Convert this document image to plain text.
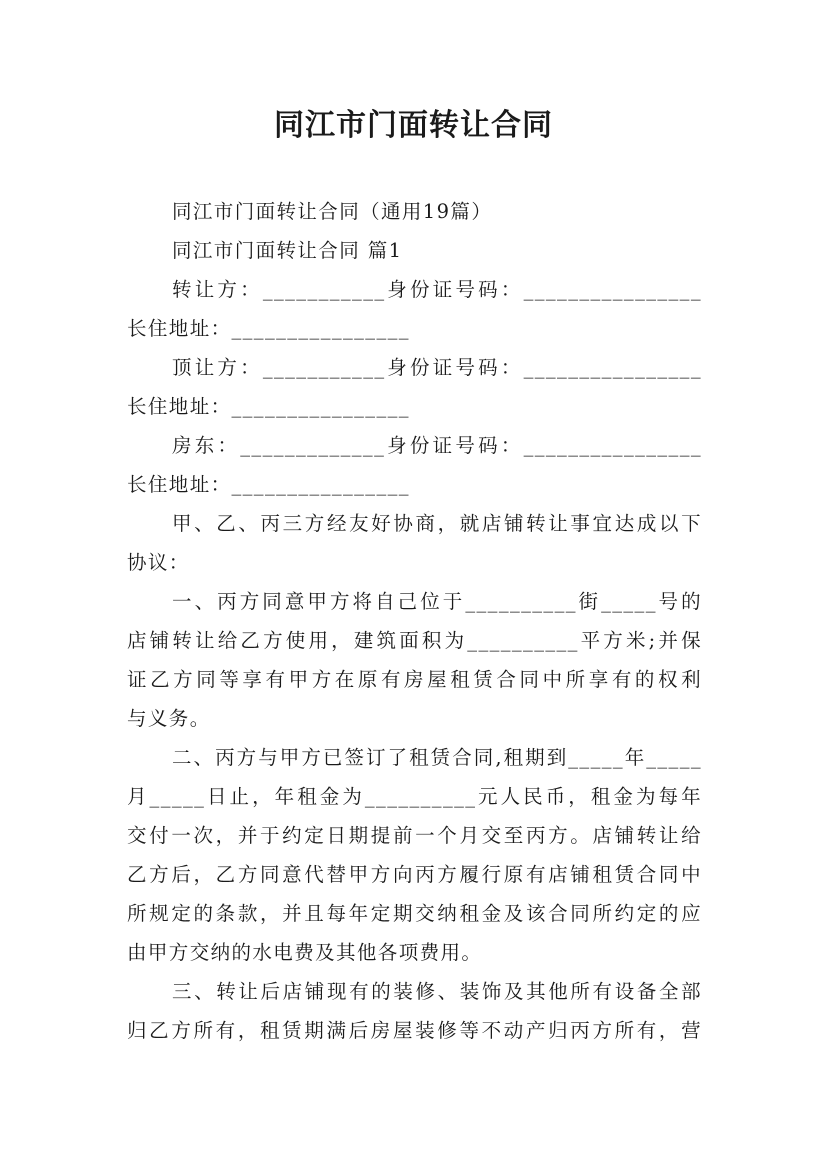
同江市门面转让合同
同江市门面转让合同（通用19篇）
同江市门面转让合同 篇1
转让方：___________身份证号码：________________
长住地址：________________
顶让方：___________身份证号码：________________
长住地址：________________
房东：_____________身份证号码：________________
长住地址：________________
甲、乙、丙三方经友好协商，就店铺转让事宜达成以下
协议：
一、丙方同意甲方将自己位于__________街_____号的
店铺转让给乙方使用，建筑面积为__________平方米;并保
证乙方同等享有甲方在原有房屋租赁合同中所享有的权利
与义务。
二、丙方与甲方已签订了租赁合同,租期到_____年_____
月_____日止，年租金为__________元人民币，租金为每年
交付一次，并于约定日期提前一个月交至丙方。店铺转让给
乙方后，乙方同意代替甲方向丙方履行原有店铺租赁合同中
所规定的条款，并且每年定期交纳租金及该合同所约定的应
由甲方交纳的水电费及其他各项费用。
三、转让后店铺现有的装修、装饰及其他所有设备全部
归乙方所有，租赁期满后房屋装修等不动产归丙方所有，营
